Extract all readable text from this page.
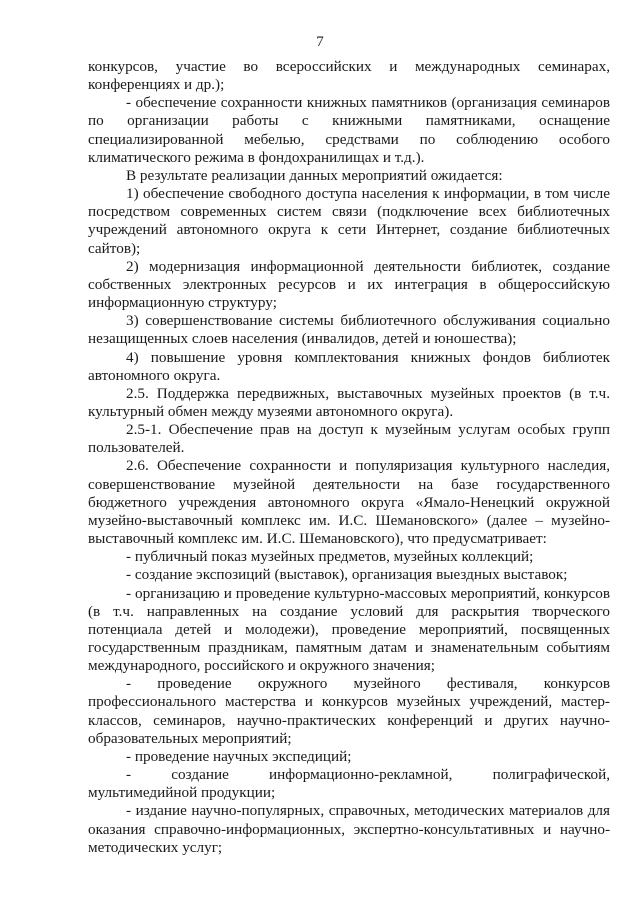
7

конкурсов, участие во всероссийских и международных семинарах, конференциях и др.);

- обеспечение сохранности книжных памятников (организация семинаров по организации работы с книжными памятниками, оснащение специализированной мебелью, средствами по соблюдению особого климатического режима в фондохранилищах и т.д.).

В результате реализации данных мероприятий ожидается:

1) обеспечение свободного доступа населения к информации, в том числе посредством современных систем связи (подключение всех библиотечных учреждений автономного округа к сети Интернет, создание библиотечных сайтов);

2) модернизация информационной деятельности библиотек, создание собственных электронных ресурсов и их интеграция в общероссийскую информационную структуру;

3) совершенствование системы библиотечного обслуживания социально незащищенных слоев населения (инвалидов, детей и юношества);

4) повышение уровня комплектования книжных фондов библиотек автономного округа.

2.5. Поддержка передвижных, выставочных музейных проектов (в т.ч. культурный обмен между музеями автономного округа).

2.5-1. Обеспечение прав на доступ к музейным услугам особых групп пользователей.

2.6. Обеспечение сохранности и популяризация культурного наследия, совершенствование музейной деятельности на базе государственного бюджетного учреждения автономного округа «Ямало-Ненецкий окружной музейно-выставочный комплекс им. И.С. Шемановского» (далее – музейно-выставочный комплекс им. И.С. Шемановского), что предусматривает:

- публичный показ музейных предметов, музейных коллекций;

- создание экспозиций (выставок), организация выездных выставок;

- организацию и проведение культурно-массовых мероприятий, конкурсов (в т.ч. направленных на создание условий для раскрытия творческого потенциала детей и молодежи), проведение мероприятий, посвященных государственным праздникам, памятным датам и знаменательным событиям международного, российского и окружного значения;

- проведение окружного музейного фестиваля, конкурсов профессионального мастерства и конкурсов музейных учреждений, мастер-классов, семинаров, научно-практических конференций и других научно-образовательных мероприятий;

- проведение научных экспедиций;

- создание информационно-рекламной, полиграфической, мультимедийной продукции;

- издание научно-популярных, справочных, методических материалов для оказания справочно-информационных, экспертно-консультативных и научно-методических услуг;
